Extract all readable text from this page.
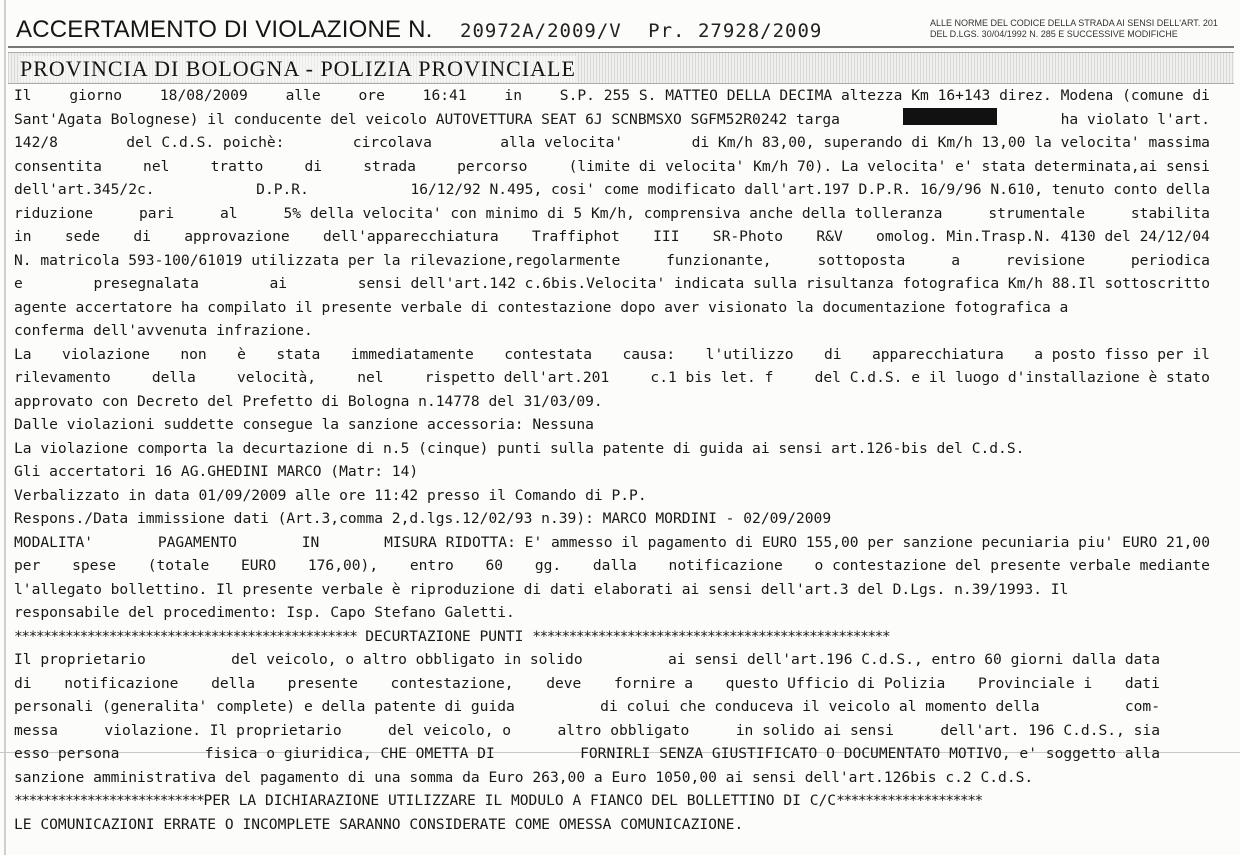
ACCERTAMENTO DI VIOLAZIONE N. 20972A/2009/V Pr. 27928/2009	ALLE NORME DEL CODICE DELLA STRADA AI SENSI DELL'ART. 201
DEL D.LGS. 30/04/1992 N. 285 E SUCCESSIVE MODIFICHE
PROVINCIA DI BOLOGNA - POLIZIA PROVINCIALE
Il	giorno	18/08/2009	alle	ore	16:41	in	S.P. 255 S. MATTEO DELLA DECIMA altezza Km 16+143 direz. Modena (comune di
Sant'Agata Bolognese) il conducente del veicolo AUTOVETTURA SEAT 6J SCNBMSXO SGFM52R0242 targa	ha violato l'art.
142/8	del C.d.S. poichè:	circolava	alla velocita'	di Km/h 83,00, superando di Km/h 13,00 la velocita' massima
consentita	nel	tratto	di	strada	percorso	(limite di velocita' Km/h 70). La velocita' e' stata determinata,ai sensi
dell'art.345/2c.	D.P.R.	16/12/92 N.495, cosi' come modificato dall'art.197 D.P.R. 16/9/96 N.610, tenuto conto della
riduzione	pari	al	5% della velocita' con minimo di 5 Km/h, comprensiva anche della tolleranza	strumentale	stabilita
in sede di approvazione dell'apparecchiatura Traffiphot III SR-Photo R&V omolog. Min.Trasp.N. 4130 del 24/12/04
N. matricola 593-100/61019 utilizzata per la rilevazione,regolarmente	funzionante,	sottoposta	a	revisione	periodica
e	presegnalata	ai	sensi dell'art.142 c.6bis.Velocita' indicata sulla risultanza fotografica Km/h 88.Il sottoscritto
agente accertatore ha compilato il presente verbale di contestazione dopo aver visionato la documentazione fotografica a
conferma dell'avvenuta infrazione.
La violazione non è stata immediatamente contestata causa: l'utilizzo di apparecchiatura a posto fisso per il
rilevamento	della	velocità,	nel	rispetto dell'art.201	c.1 bis let. f	del C.d.S. e il luogo d'installazione è stato
approvato con Decreto del Prefetto di Bologna n.14778 del 31/03/09.
Dalle violazioni suddette consegue la sanzione accessoria: Nessuna
La violazione comporta la decurtazione di n.5 (cinque) punti sulla patente di guida ai sensi art.126-bis del C.d.S.
Gli accertatori 16 AG.GHEDINI MARCO (Matr: 14)
Verbalizzato in data 01/09/2009 alle ore 11:42 presso il Comando di P.P.
Respons./Data immissione dati (Art.3,comma 2,d.lgs.12/02/93 n.39): MARCO MORDINI - 02/09/2009
MODALITA'	PAGAMENTO	IN	MISURA RIDOTTA: E' ammesso il pagamento di EURO 155,00 per sanzione pecuniaria piu' EURO 21,00
per spese (totale EURO 176,00), entro 60 gg. dalla notificazione o contestazione del presente verbale mediante
l'allegato bollettino. Il presente verbale è riproduzione di dati elaborati ai sensi dell'art.3 del D.Lgs. n.39/1993. Il
responsabile del procedimento: Isp. Capo Stefano Galetti.
*********************************************** DECURTAZIONE PUNTI *************************************************
Il proprietario	del veicolo, o altro obbligato in solido	ai sensi dell'art.196 C.d.S., entro 60 giorni dalla data
di notificazione della presente contestazione, deve fornire a questo Ufficio di Polizia Provinciale i dati
personali (generalita' complete) e della patente di guida	di colui che conduceva il veicolo al momento della	com-
messa	violazione. Il proprietario	del veicolo, o	altro obbligato	in solido ai sensi	dell'art. 196 C.d.S., sia
esso persona	fisica o giuridica, CHE OMETTA DI	FORNIRLI SENZA GIUSTIFICATO O DOCUMENTATO MOTIVO, e' soggetto alla
sanzione amministrativa del pagamento di una somma da Euro 263,00 a Euro 1050,00 ai sensi dell'art.126bis c.2 C.d.S.
**************************PER LA DICHIARAZIONE UTILIZZARE IL MODULO A FIANCO DEL BOLLETTINO DI C/C********************
LE COMUNICAZIONI ERRATE O INCOMPLETE SARANNO CONSIDERATE COME OMESSA COMUNICAZIONE.
